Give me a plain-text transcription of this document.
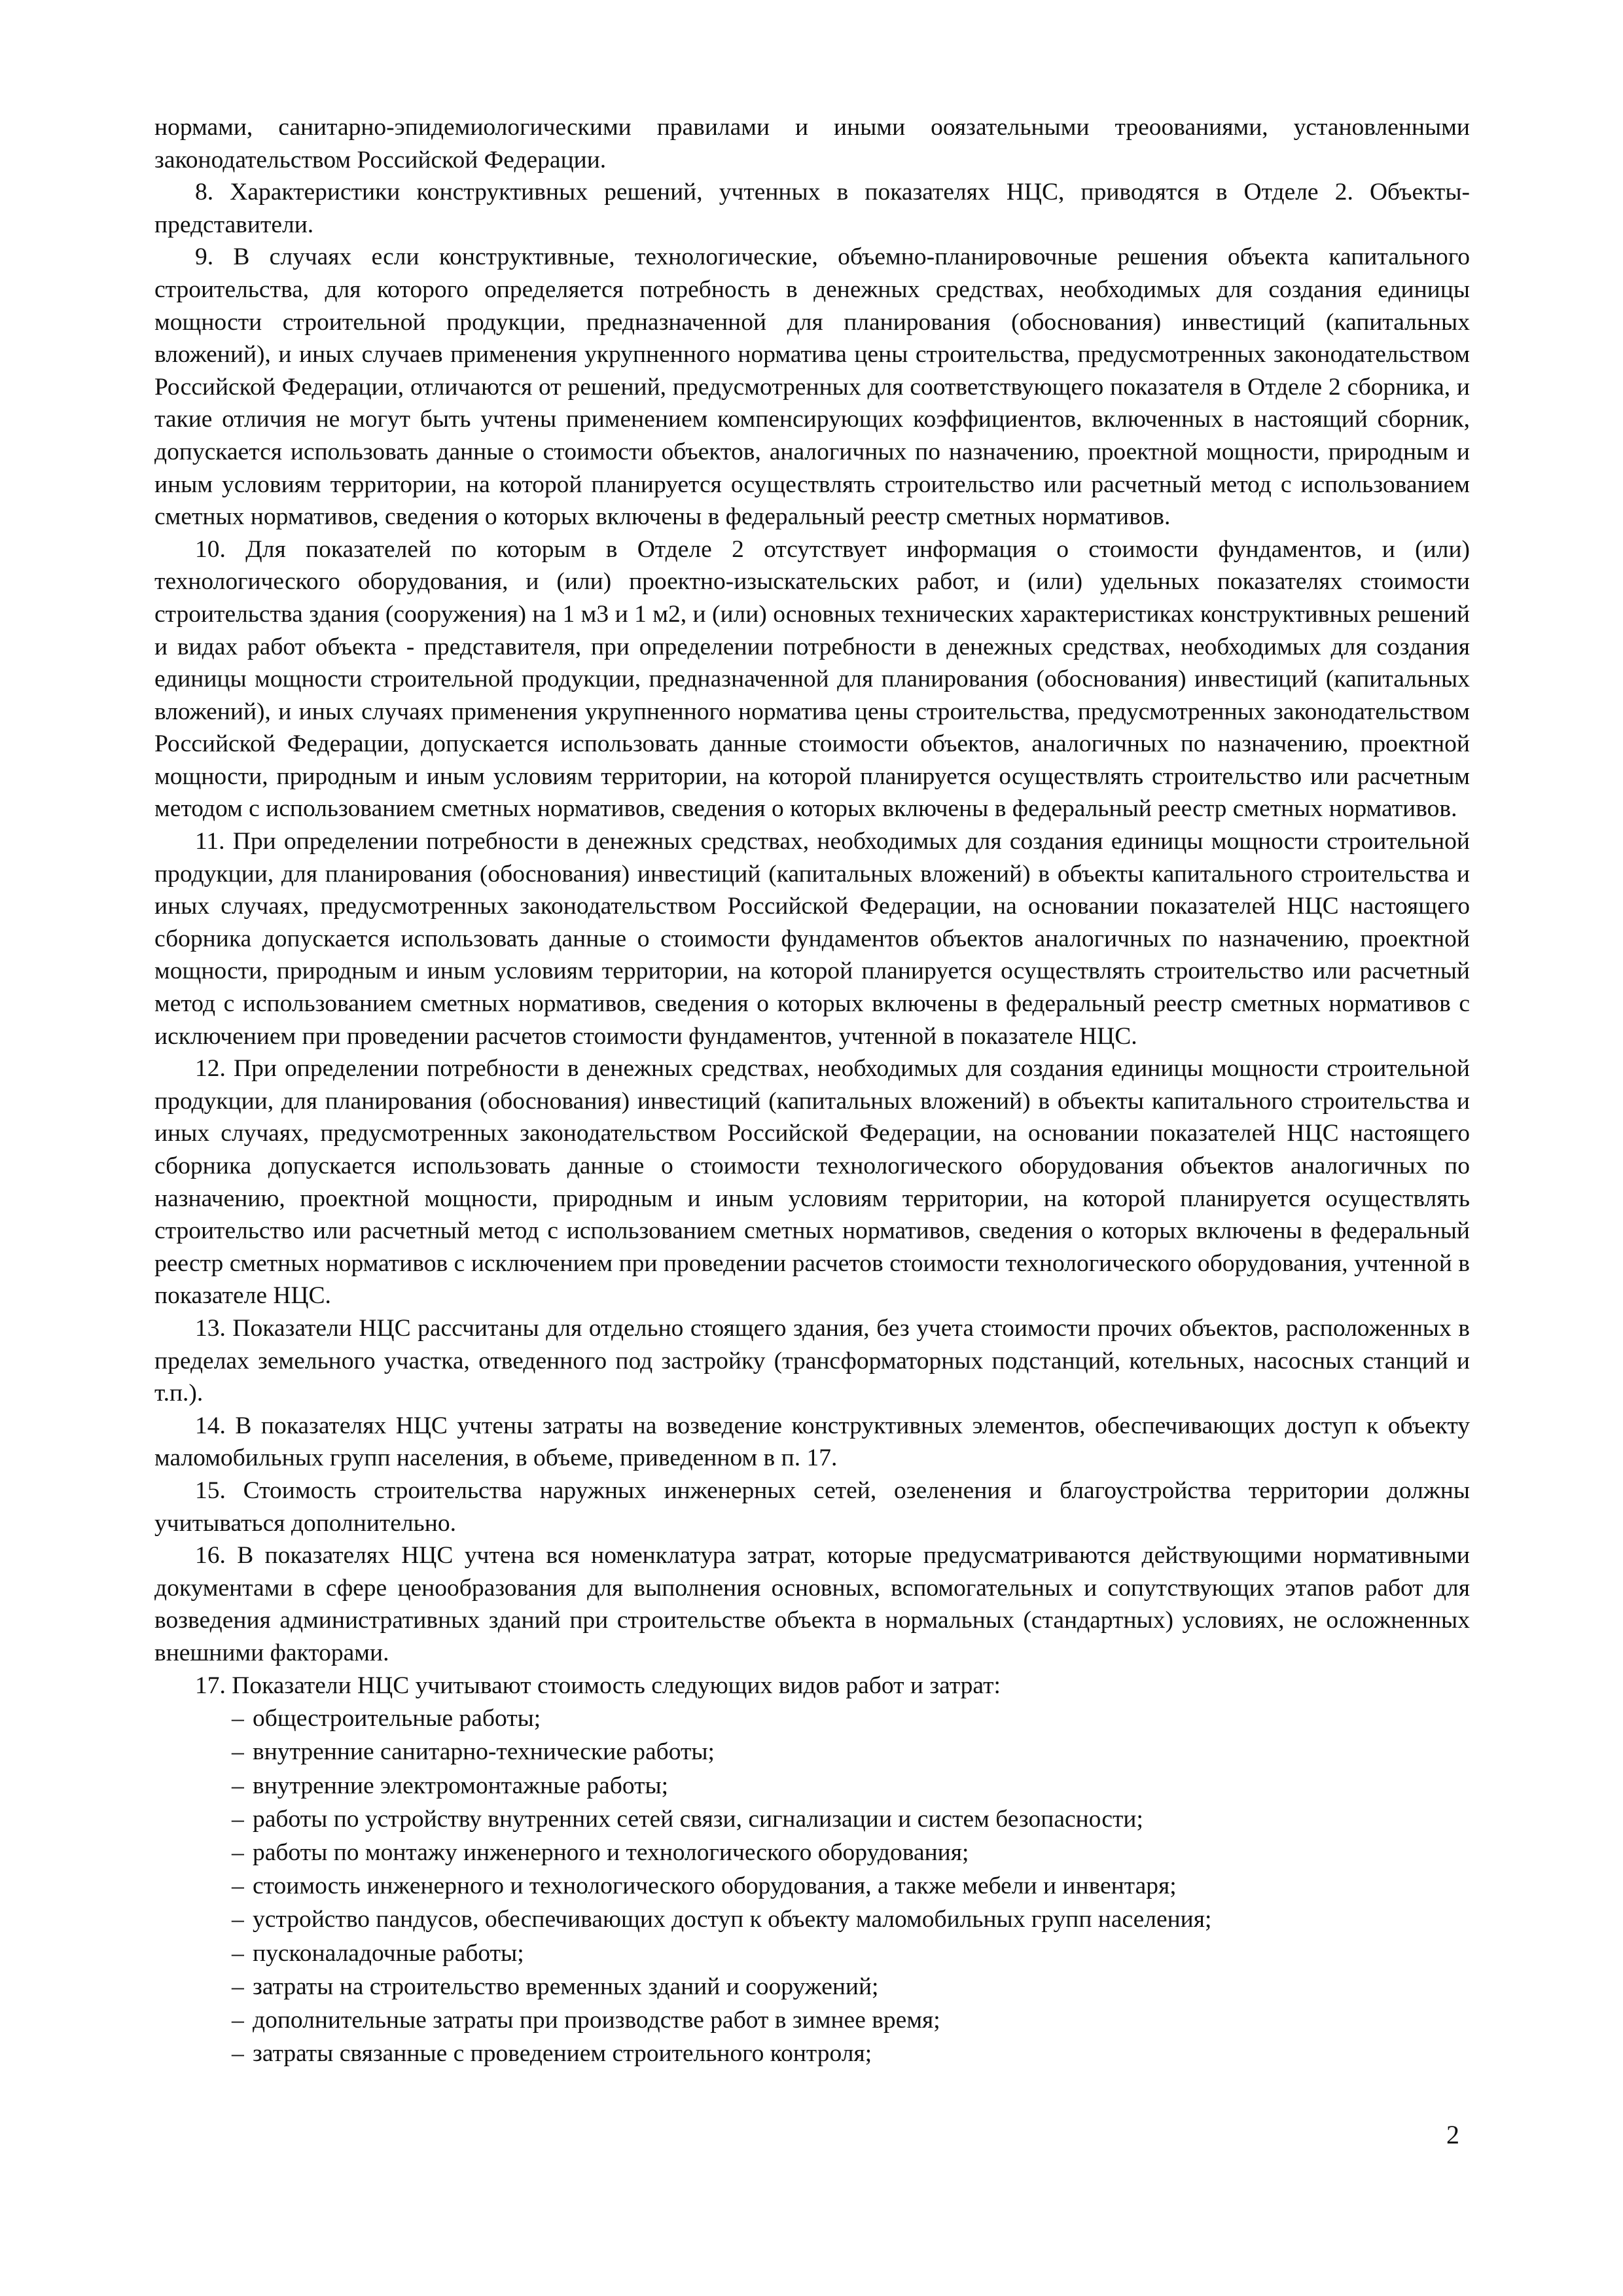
нормами, санитарно-эпидемиологическими правилами и иными ооязательными треоованиями, установленными законодательством Российской Федерации.

8. Характеристики конструктивных решений, учтенных в показателях НЦС, приводятся в Отделе 2. Объекты-представители.

9. В случаях если конструктивные, технологические, объемно-планировочные решения объекта капитального строительства, для которого определяется потребность в денежных средствах, необходимых для создания единицы мощности строительной продукции, предназначенной для планирования (обоснования) инвестиций (капитальных вложений), и иных случаев применения укрупненного норматива цены строительства, предусмотренных законодательством Российской Федерации, отличаются от решений, предусмотренных для соответствующего показателя в Отделе 2 сборника, и такие отличия не могут быть учтены применением компенсирующих коэффициентов, включенных в настоящий сборник, допускается использовать данные о стоимости объектов, аналогичных по назначению, проектной мощности, природным и иным условиям территории, на которой планируется осуществлять строительство или расчетный метод с использованием сметных нормативов, сведения о которых включены в федеральный реестр сметных нормативов.

10. Для показателей по которым в Отделе 2 отсутствует информация о стоимости фундаментов, и (или) технологического оборудования, и (или) проектно-изыскательских работ, и (или) удельных показателях стоимости строительства здания (сооружения) на 1 м3 и 1 м2, и (или) основных технических характеристиках конструктивных решений и видах работ объекта - представителя, при определении потребности в денежных средствах, необходимых для создания единицы мощности строительной продукции, предназначенной для планирования (обоснования) инвестиций (капитальных вложений), и иных случаях применения укрупненного норматива цены строительства, предусмотренных законодательством Российской Федерации, допускается использовать данные стоимости объектов, аналогичных по назначению, проектной мощности, природным и иным условиям территории, на которой планируется осуществлять строительство или расчетным методом с использованием сметных нормативов, сведения о которых включены в федеральный реестр сметных нормативов.

11. При определении потребности в денежных средствах, необходимых для создания единицы мощности строительной продукции, для планирования (обоснования) инвестиций (капитальных вложений) в объекты капитального строительства и иных случаях, предусмотренных законодательством Российской Федерации, на основании показателей НЦС настоящего сборника допускается использовать данные о стоимости фундаментов объектов аналогичных по назначению, проектной мощности, природным и иным условиям территории, на которой планируется осуществлять строительство или расчетный метод с использованием сметных нормативов, сведения о которых включены в федеральный реестр сметных нормативов с исключением при проведении расчетов стоимости фундаментов, учтенной в показателе НЦС.

12. При определении потребности в денежных средствах, необходимых для создания единицы мощности строительной продукции, для планирования (обоснования) инвестиций (капитальных вложений) в объекты капитального строительства и иных случаях, предусмотренных законодательством Российской Федерации, на основании показателей НЦС настоящего сборника допускается использовать данные о стоимости технологического оборудования объектов аналогичных по назначению, проектной мощности, природным и иным условиям территории, на которой планируется осуществлять строительство или расчетный метод с использованием сметных нормативов, сведения о которых включены в федеральный реестр сметных нормативов с исключением при проведении расчетов стоимости технологического оборудования, учтенной в показателе НЦС.

13. Показатели НЦС рассчитаны для отдельно стоящего здания, без учета стоимости прочих объектов, расположенных в пределах земельного участка, отведенного под застройку (трансформаторных подстанций, котельных, насосных станций и т.п.).

14. В показателях НЦС учтены затраты на возведение конструктивных элементов, обеспечивающих доступ к объекту маломобильных групп населения, в объеме, приведенном в п. 17.

15. Стоимость строительства наружных инженерных сетей, озеленения и благоустройства территории должны учитываться дополнительно.

16. В показателях НЦС учтена вся номенклатура затрат, которые предусматриваются действующими нормативными документами в сфере ценообразования для выполнения основных, вспомогательных и сопутствующих этапов работ для возведения административных зданий при строительстве объекта в нормальных (стандартных) условиях, не осложненных внешними факторами.

17. Показатели НЦС учитывают стоимость следующих видов работ и затрат:

– общестроительные работы;
– внутренние санитарно-технические работы;
– внутренние электромонтажные работы;
– работы по устройству внутренних сетей связи, сигнализации и систем безопасности;
– работы по монтажу инженерного и технологического оборудования;
– стоимость инженерного и технологического оборудования, а также мебели и инвентаря;
– устройство пандусов, обеспечивающих доступ к объекту маломобильных групп населения;
– пусконаладочные работы;
– затраты на строительство временных зданий и сооружений;
– дополнительные затраты при производстве работ в зимнее время;
– затраты связанные с проведением строительного контроля;
2
